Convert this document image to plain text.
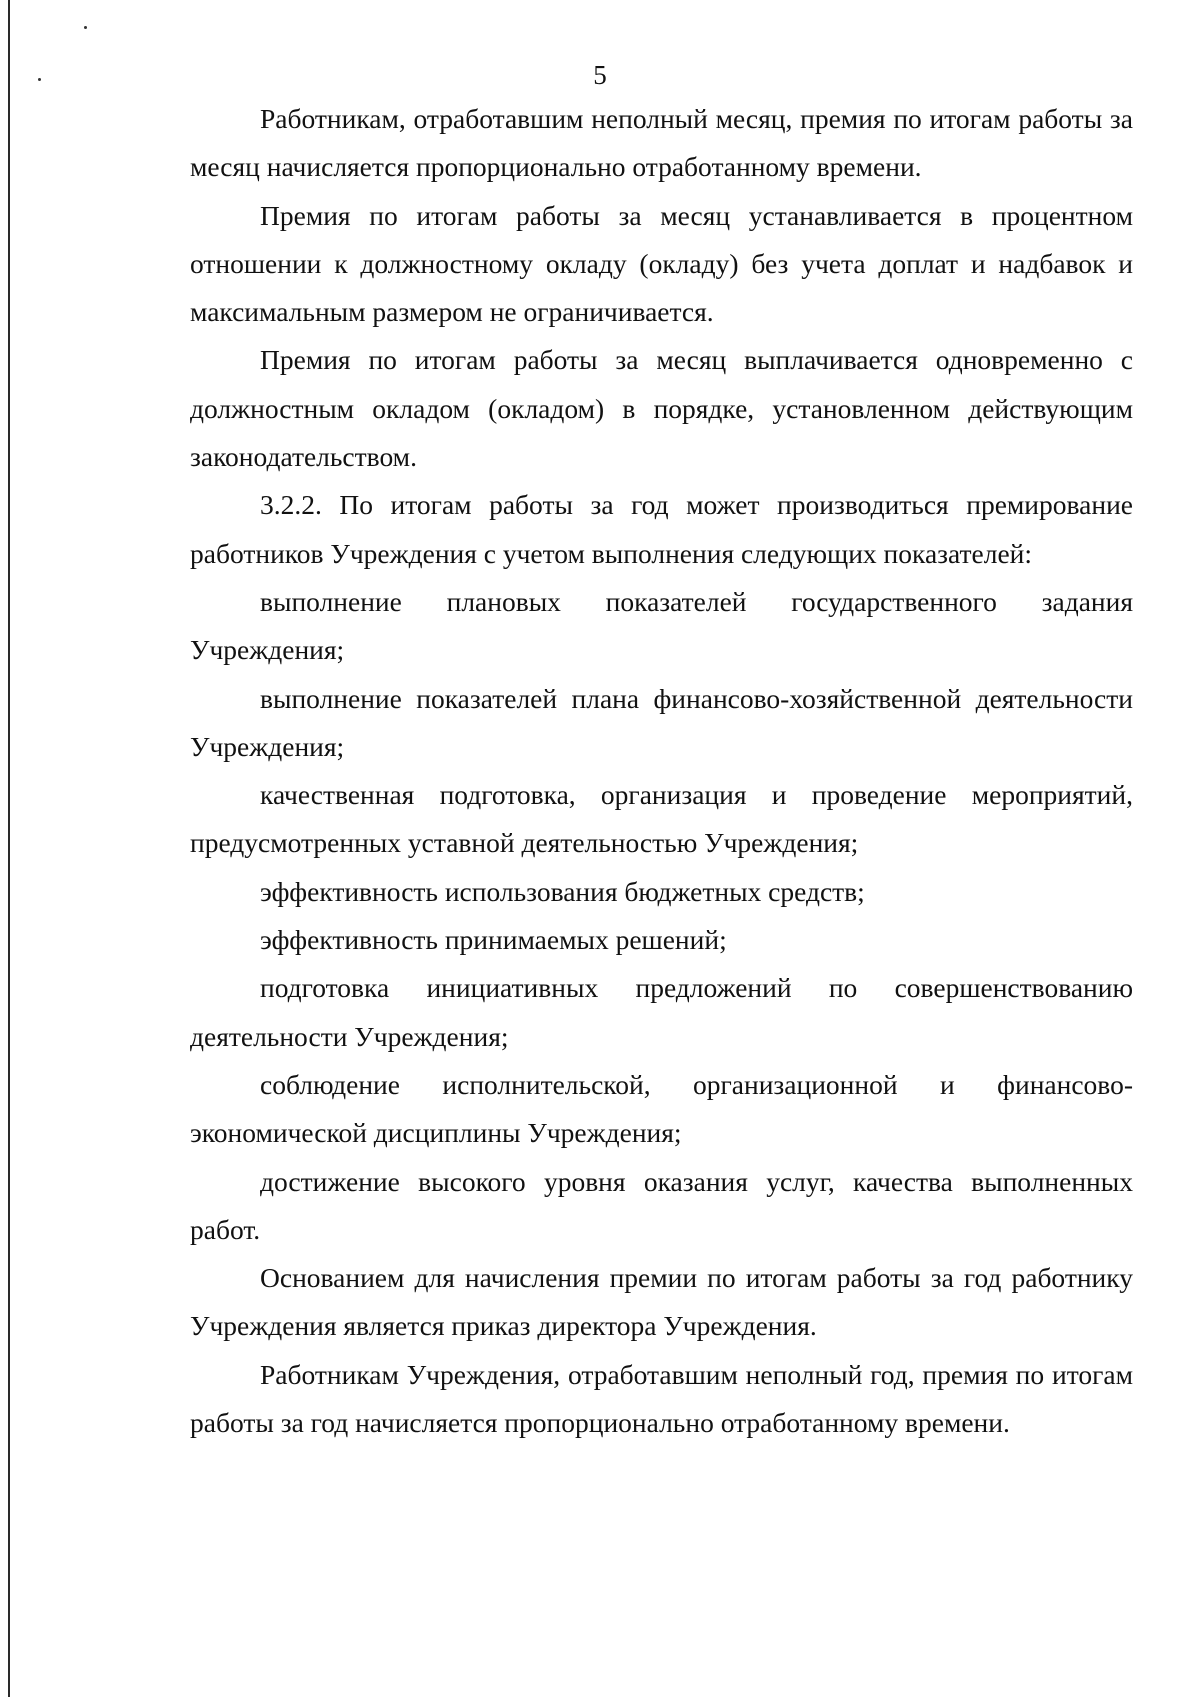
5

Работникам, отработавшим неполный месяц, премия по итогам работы за месяц начисляется пропорционально отработанному времени.

Премия по итогам работы за месяц устанавливается в процентном отношении к должностному окладу (окладу) без учета доплат и надбавок и максимальным размером не ограничивается.

Премия по итогам работы за месяц выплачивается одновременно с должностным окладом (окладом) в порядке, установленном действующим законодательством.

3.2.2. По итогам работы за год может производиться премирование работников Учреждения с учетом выполнения следующих показателей:

выполнение плановых показателей государственного задания Учреждения;

выполнение показателей плана финансово-хозяйственной деятельности Учреждения;

качественная подготовка, организация и проведение мероприятий, предусмотренных уставной деятельностью Учреждения;

эффективность использования бюджетных средств;

эффективность принимаемых решений;

подготовка инициативных предложений по совершенствованию деятельности Учреждения;

соблюдение исполнительской, организационной и финансово-экономической дисциплины Учреждения;

достижение высокого уровня оказания услуг, качества выполненных работ.

Основанием для начисления премии по итогам работы за год работнику Учреждения является приказ директора Учреждения.

Работникам Учреждения, отработавшим неполный год, премия по итогам работы за год начисляется пропорционально отработанному времени.
